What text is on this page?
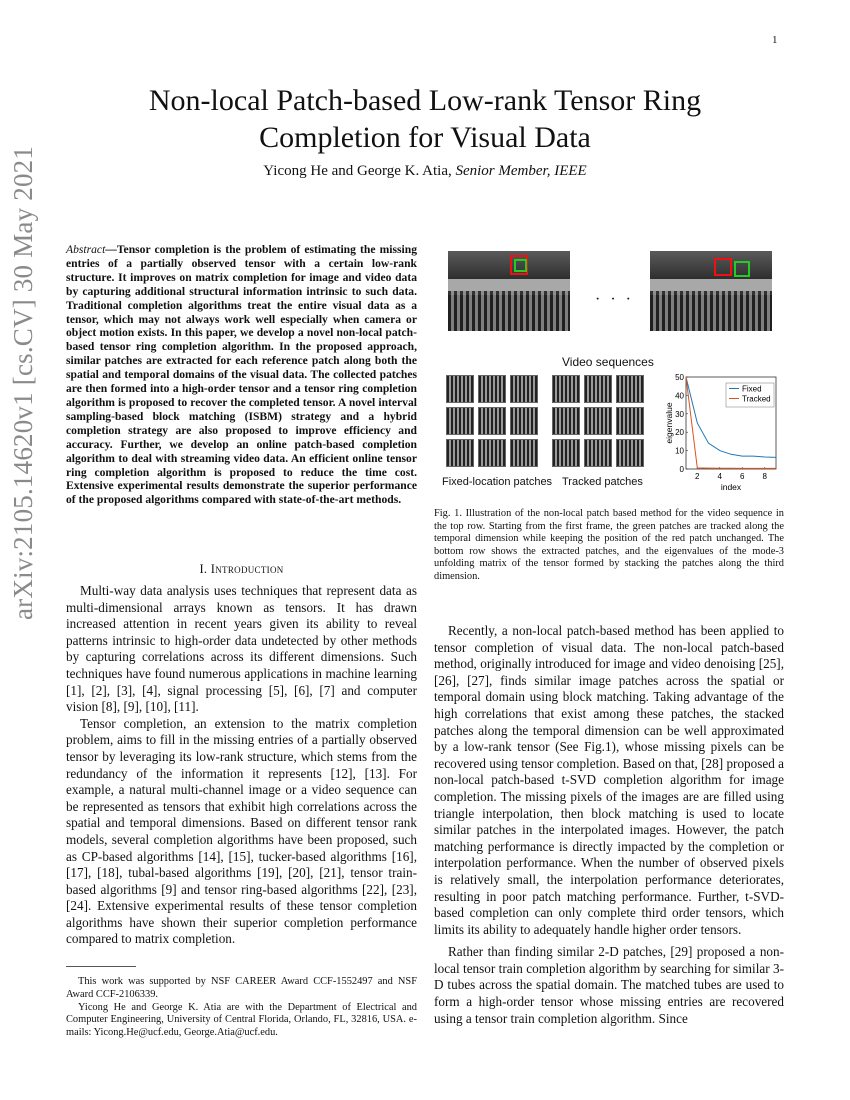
1
arXiv:2105.14620v1 [cs.CV] 30 May 2021
Non-local Patch-based Low-rank Tensor Ring Completion for Visual Data
Yicong He and George K. Atia, Senior Member, IEEE
Abstract—Tensor completion is the problem of estimating the missing entries of a partially observed tensor with a certain low-rank structure. It improves on matrix completion for image and video data by capturing additional structural information intrinsic to such data. Traditional completion algorithms treat the entire visual data as a tensor, which may not always work well especially when camera or object motion exists. In this paper, we develop a novel non-local patch-based tensor ring completion algorithm. In the proposed approach, similar patches are extracted for each reference patch along both the spatial and temporal domains of the visual data. The collected patches are then formed into a high-order tensor and a tensor ring completion algorithm is proposed to recover the completed tensor. A novel interval sampling-based block matching (ISBM) strategy and a hybrid completion strategy are also proposed to improve efficiency and accuracy. Further, we develop an online patch-based completion algorithm to deal with streaming video data. An efficient online tensor ring completion algorithm is proposed to reduce the time cost. Extensive experimental results demonstrate the superior performance of the proposed algorithms compared with state-of-the-art methods.
I. Introduction

Multi-way data analysis uses techniques that represent data as multi-dimensional arrays known as tensors. It has drawn increased attention in recent years given its ability to reveal patterns intrinsic to high-order data undetected by other methods by capturing correlations across its different dimensions. Such techniques have found numerous applications in machine learning [1], [2], [3], [4], signal processing [5], [6], [7] and computer vision [8], [9], [10], [11].

Tensor completion, an extension to the matrix completion problem, aims to fill in the missing entries of a partially observed tensor by leveraging its low-rank structure, which stems from the redundancy of the information it represents [12], [13]. For example, a natural multi-channel image or a video sequence can be represented as tensors that exhibit high correlations across the spatial and temporal dimensions. Based on different tensor rank models, several completion algorithms have been proposed, such as CP-based algorithms [14], [15], tucker-based algorithms [16], [17], [18], tubal-based algorithms [19], [20], [21], tensor train-based algorithms [9] and tensor ring-based algorithms [22], [23], [24]. Extensive experimental results of these tensor completion algorithms have shown their superior completion performance compared to matrix completion.

This work was supported by NSF CAREER Award CCF-1552497 and NSF Award CCF-2106339.

Yicong He and George K. Atia are with the Department of Electrical and Computer Engineering, University of Central Florida, Orlando, FL, 32816, USA. e-mails: Yicong.He@ucf.edu, George.Atia@ucf.edu.

· · ·
Video sequences
Fixed-location patches Tracked patches
0
10
20
30
40
50
2 4 6 8
index
eigenvalue
Fixed
Tracked
Fig. 1. Illustration of the non-local patch based method for the video sequence in the top row. Starting from the first frame, the green patches are tracked along the temporal dimension while keeping the position of the red patch unchanged. The bottom row shows the extracted patches, and the eigenvalues of the mode-3 unfolding matrix of the tensor formed by stacking the patches along the third dimension.

Recently, a non-local patch-based method has been applied to tensor completion of visual data. The non-local patch-based method, originally introduced for image and video denoising [25], [26], [27], finds similar image patches across the spatial or temporal domain using block matching. Taking advantage of the high correlations that exist among these patches, the stacked patches along the temporal dimension can be well approximated by a low-rank tensor (See Fig.1), whose missing pixels can be recovered using tensor completion. Based on that, [28] proposed a non-local patch-based t-SVD completion algorithm for image completion. The missing pixels of the images are are filled using triangle interpolation, then block matching is used to locate similar patches in the interpolated images. However, the patch matching performance is directly impacted by the completion or interpolation performance. When the number of observed pixels is relatively small, the interpolation performance deteriorates, resulting in poor patch matching performance. Further, t-SVD-based completion can only complete third order tensors, which limits its ability to adequately handle higher order tensors.

Rather than finding similar 2-D patches, [29] proposed a non-local tensor train completion algorithm by searching for similar 3-D tubes across the spatial domain. The matched tubes are used to form a high-order tensor whose missing entries are recovered using a tensor train completion algorithm. Since
